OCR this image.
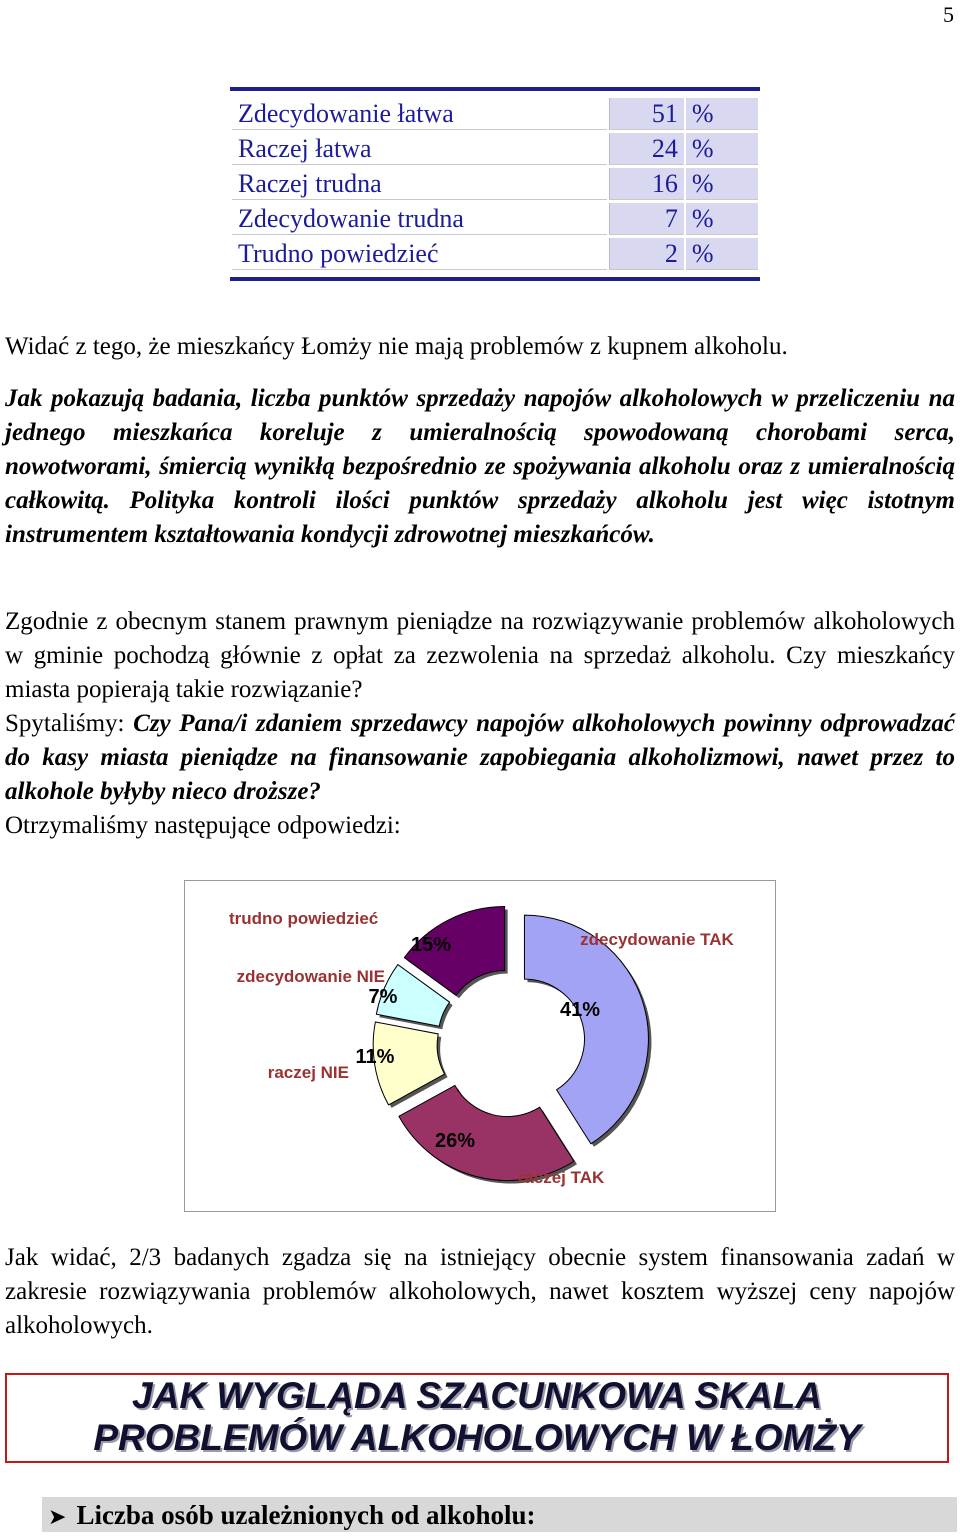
5
Zdecydowanie łatwa	51	%
Raczej łatwa	24	%
Raczej trudna	16	%
Zdecydowanie trudna	7	%
Trudno powiedzieć	2	%

Widać z tego, że mieszkańcy Łomży nie mają problemów z kupnem alkoholu.

Jak pokazują badania, liczba punktów sprzedaży napojów alkoholowych w przeliczeniu na jednego mieszkańca koreluje z umieralnością spowodowaną chorobami serca, nowotworami, śmiercią wynikłą bezpośrednio ze spożywania alkoholu oraz z umieralnością całkowitą. Polityka kontroli ilości punktów sprzedaży alkoholu jest więc istotnym instrumentem kształtowania kondycji zdrowotnej mieszkańców.

Zgodnie z obecnym stanem prawnym pieniądze na rozwiązywanie problemów alkoholowych w gminie pochodzą głównie z opłat za zezwolenia na sprzedaż alkoholu. Czy mieszkańcy miasta popierają takie rozwiązanie?

Spytaliśmy: Czy Pana/i zdaniem sprzedawcy napojów alkoholowych powinny odprowadzać do kasy miasta pieniądze na finansowanie zapobiegania alkoholizmowi, nawet przez to alkohole byłyby nieco droższe?
Otrzymaliśmy następujące odpowiedzi:

41%
26%
11%
7%
15%	zdecydowanie TAK
raczej TAK
raczej NIE
zdecydowanie NIE
trudno powiedzieć

Jak widać, 2/3 badanych zgadza się na istniejący obecnie system finansowania zadań w zakresie rozwiązywania problemów alkoholowych, nawet kosztem wyższej ceny napojów alkoholowych.

JAK WYGLĄDA SZACUNKOWA SKALA
PROBLEMÓW ALKOHOLOWYCH W ŁOMŻY
➤ Liczba osób uzależnionych od alkoholu:
